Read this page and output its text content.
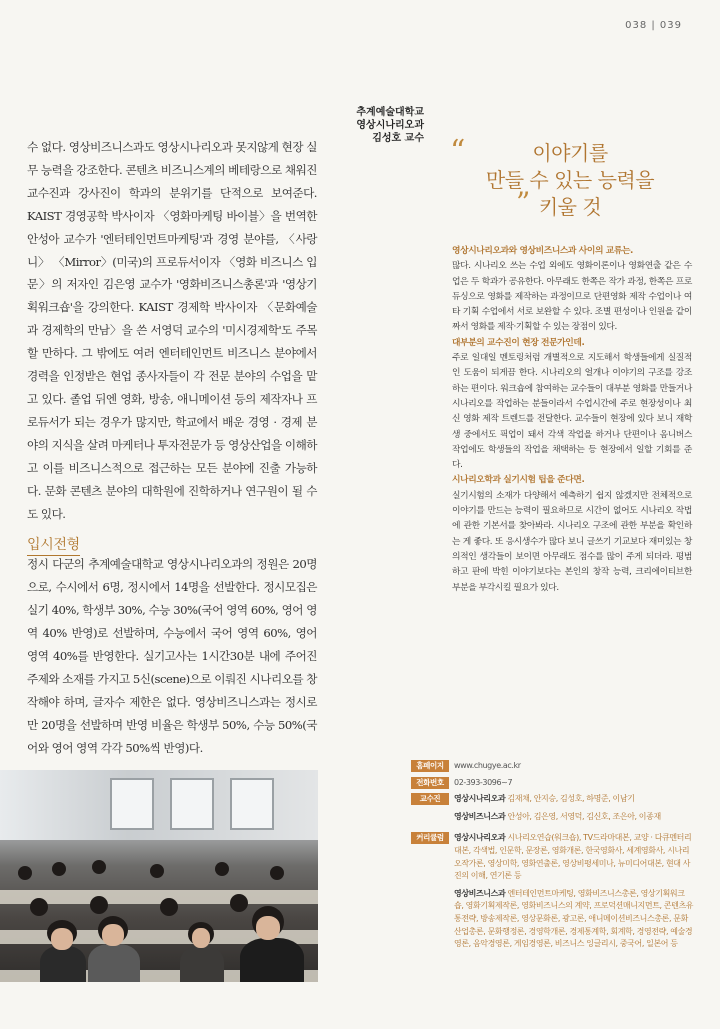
038 | 039

수 없다. 영상비즈니스과도 영상시나리오과 못지않게 현장 실무 능력을 강조한다. 콘텐츠 비즈니스계의 베테랑으로 채워진 교수진과 강사진이 학과의 분위기를 단적으로 보여준다. KAIST 경영공학 박사이자 〈영화마케팅 바이블〉을 번역한 안성아 교수가 '엔터테인먼트마케팅'과 경영 분야를, 〈사랑니〉 〈Mirror〉(미국)의 프로듀서이자 〈영화 비즈니스 입문〉의 저자인 김은영 교수가 '영화비즈니스총론'과 '영상기획워크숍'을 강의한다. KAIST 경제학 박사이자 〈문화예술과 경제학의 만남〉을 쓴 서영덕 교수의 '미시경제학'도 주목할 만하다. 그 밖에도 여러 엔터테인먼트 비즈니스 분야에서 경력을 인정받은 현업 종사자들이 각 전문 분야의 수업을 맡고 있다. 졸업 뒤엔 영화, 방송, 애니메이션 등의 제작자나 프로듀서가 되는 경우가 많지만, 학교에서 배운 경영 · 경제 분야의 지식을 살려 마케터나 투자전문가 등 영상산업을 이해하고 이를 비즈니스적으로 접근하는 모든 분야에 진출 가능하다. 문화 콘텐츠 분야의 대학원에 진학하거나 연구원이 될 수도 있다.

입시전형
정시 다군의 추계예술대학교 영상시나리오과의 정원은 20명으로, 수시에서 6명, 정시에서 14명을 선발한다. 정시모집은 실기 40%, 학생부 30%, 수능 30%(국어 영역 60%, 영어 영역 40% 반영)로 선발하며, 수능에서 국어 영역 60%, 영어 영역 40%를 반영한다. 실기고사는 1시간30분 내에 주어진 주제와 소재를 가지고 5신(scene)으로 이뤄진 시나리오를 창작해야 하며, 글자수 제한은 없다. 영상비즈니스과는 정시로만 20명을 선발하며 반영 비율은 학생부 50%, 수능 50%(국어와 영어 영역 각각 50%씩 반영)다.
추계예술대학교
영상시나리오과
김성호 교수 “	이야기를
만들 수 있는 능력을
키울 것
”

영상시나리오과와 영상비즈니스과 사이의 교류는.

많다. 시나리오 쓰는 수업 외에도 영화이론이나 영화연출 같은 수업은 두 학과가 공유한다. 아무래도 한쪽은 작가 과정, 한쪽은 프로듀싱으로 영화를 제작하는 과정이므로 단편영화 제작 수업이나 여타 기획 수업에서 서로 보완할 수 있다. 조별 편성이나 인원을 같이 짜서 영화를 제작·기획할 수 있는 장점이 있다.

대부분의 교수진이 현장 전문가인데.

주로 일대일 멘토링처럼 개별적으로 지도해서 학생들에게 실질적인 도움이 되게끔 한다. 시나리오의 얼개나 이야기의 구조를 강조하는 편이다. 워크숍에 참여하는 교수들이 대부분 영화를 만들거나 시나리오를 작업하는 분들이라서 수업시간에 주로 현장성이나 최신 영화 제작 트렌드를 전달한다. 교수들이 현장에 있다 보니 재학생 중에서도 픽업이 돼서 각색 작업을 하거나 단편이나 옴니버스 작업에도 학생들의 작업을 채택하는 등 현장에서 일할 기회를 준다.

시나리오학과 실기시험 팁을 준다면.

실기시험의 소재가 다양해서 예측하기 쉽지 않겠지만 전체적으로 이야기를 만드는 능력이 필요하므로 시간이 없어도 시나리오 작법에 관한 기본서를 찾아봐라. 시나리오 구조에 관한 부분을 확인하는 게 좋다. 또 응시생수가 많다 보니 글쓰기 기교보다 재미있는 창의적인 생각들이 보이면 아무래도 점수를 많이 주게 되더라. 평범하고 판에 박힌 이야기보다는 본인의 창작 능력, 크리에이티브한 부분을 부각시킬 필요가 있다.

홈페이지	www.chugye.ac.kr
전화번호	02-393-3096~7
교수진	영상시나리오과 김재채, 안지승, 김성호, 하명준, 이남기
영상비즈니스과 안성아, 김은영, 서영덕, 김신호, 조은아, 이종재
커리큘럼	영상시나리오과 시나리오연습(워크숍), TV드라마대본, 교양 · 다큐멘터리대본, 각색법, 인문학, 문장론, 영화개론, 한국영화사, 세계영화사, 시나리오작가론, 영상미학, 영화연출론, 영상비평세미나, 뉴미디어대본, 현대 사진의 이해, 연기론 등
영상비즈니스과 엔터테인먼트마케팅, 영화비즈니스총론, 영상기획워크숍, 영화기획제작론, 영화비즈니스의 계약, 프로덕션매니지먼트, 콘텐츠유통전략, 방송제작론, 영상문화론, 광고론, 애니메이션비즈니스총론, 문화산업총론, 문화행정론, 경영학개론, 경제통계학, 회계학, 경영전략, 예술경영론, 음악경영론, 게임경영론, 비즈니스 잉글리시, 중국어, 일본어 등
